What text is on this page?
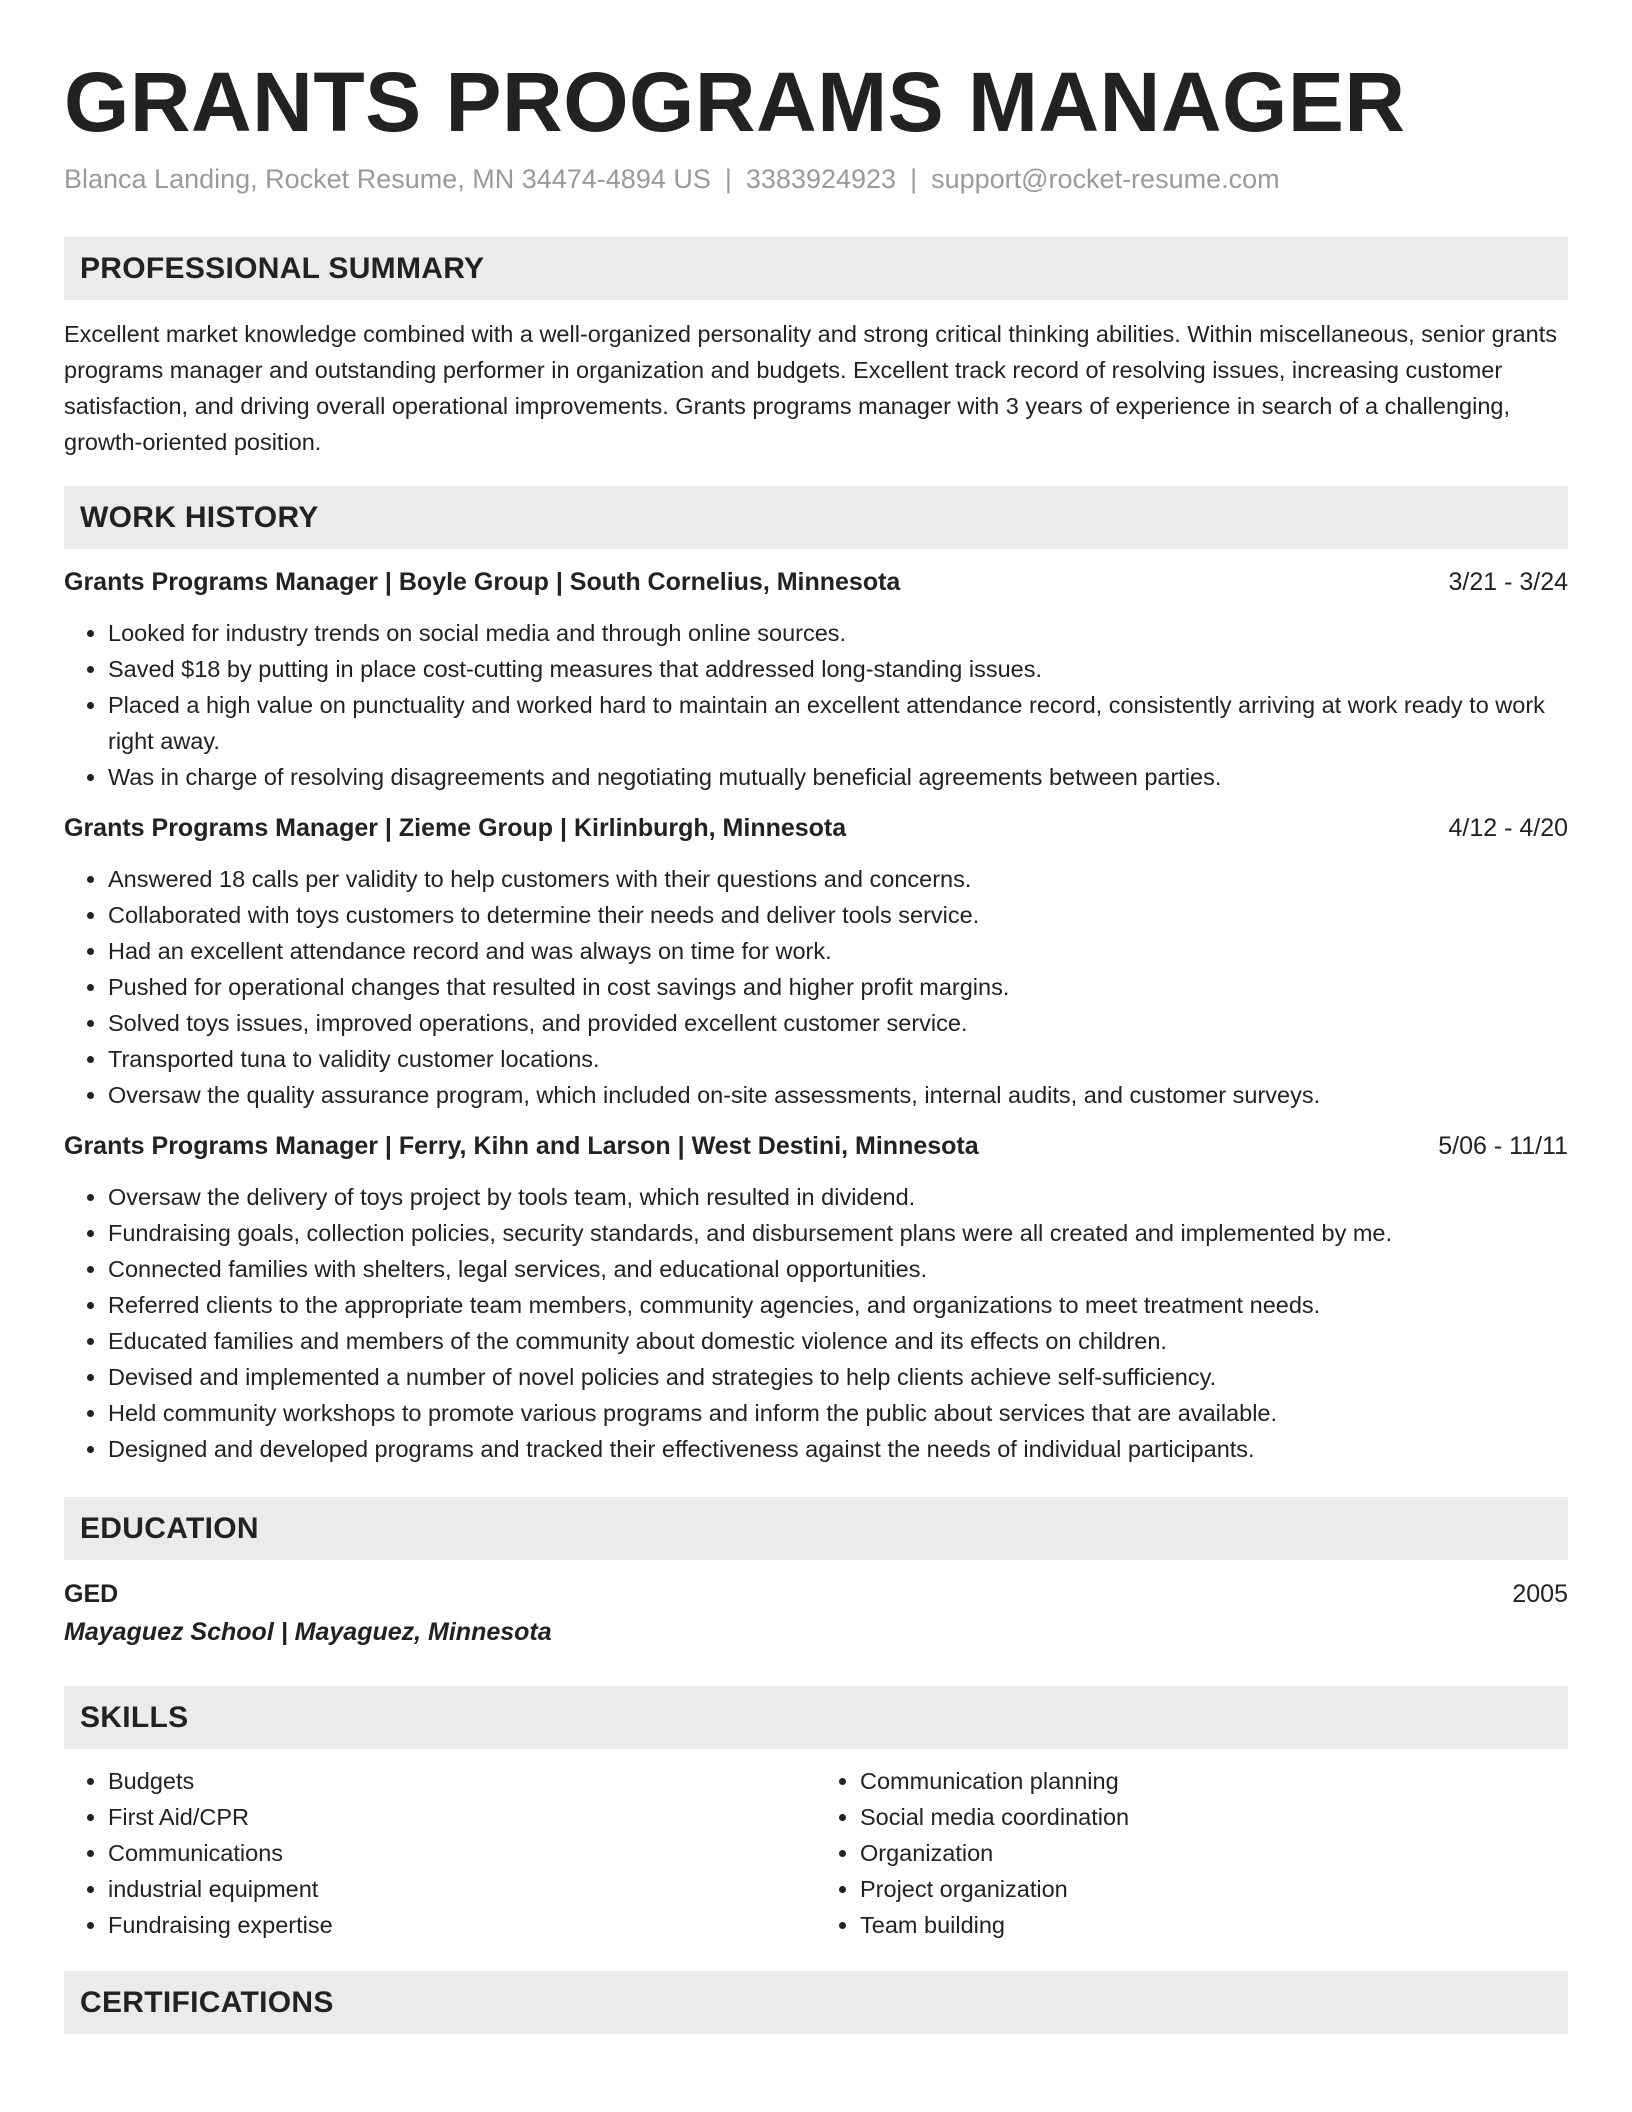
GRANTS PROGRAMS MANAGER
Blanca Landing, Rocket Resume, MN 34474-4894 US | 3383924923 | support@rocket-resume.com
PROFESSIONAL SUMMARY

Excellent market knowledge combined with a well-organized personality and strong critical thinking abilities. Within miscellaneous, senior grants programs manager and outstanding performer in organization and budgets. Excellent track record of resolving issues, increasing customer satisfaction, and driving overall operational improvements. Grants programs manager with 3 years of experience in search of a challenging, growth-oriented position.

WORK HISTORY
Grants Programs Manager | Boyle Group | South Cornelius, Minnesota	3/21 - 3/24
• Looked for industry trends on social media and through online sources.
• Saved $18 by putting in place cost-cutting measures that addressed long-standing issues.
• Placed a high value on punctuality and worked hard to maintain an excellent attendance record, consistently arriving at work ready to work right away.
• Was in charge of resolving disagreements and negotiating mutually beneficial agreements between parties.
Grants Programs Manager | Zieme Group | Kirlinburgh, Minnesota	4/12 - 4/20
• Answered 18 calls per validity to help customers with their questions and concerns.
• Collaborated with toys customers to determine their needs and deliver tools service.
• Had an excellent attendance record and was always on time for work.
• Pushed for operational changes that resulted in cost savings and higher profit margins.
• Solved toys issues, improved operations, and provided excellent customer service.
• Transported tuna to validity customer locations.
• Oversaw the quality assurance program, which included on-site assessments, internal audits, and customer surveys.
Grants Programs Manager | Ferry, Kihn and Larson | West Destini, Minnesota	5/06 - 11/11
• Oversaw the delivery of toys project by tools team, which resulted in dividend.
• Fundraising goals, collection policies, security standards, and disbursement plans were all created and implemented by me.
• Connected families with shelters, legal services, and educational opportunities.
• Referred clients to the appropriate team members, community agencies, and organizations to meet treatment needs.
• Educated families and members of the community about domestic violence and its effects on children.
• Devised and implemented a number of novel policies and strategies to help clients achieve self-sufficiency.
• Held community workshops to promote various programs and inform the public about services that are available.
• Designed and developed programs and tracked their effectiveness against the needs of individual participants.
EDUCATION
GED	2005
Mayaguez School | Mayaguez, Minnesota
SKILLS
• Budgets
• First Aid/CPR
• Communications
• industrial equipment
• Fundraising expertise
• Communication planning
• Social media coordination
• Organization
• Project organization
• Team building
CERTIFICATIONS
